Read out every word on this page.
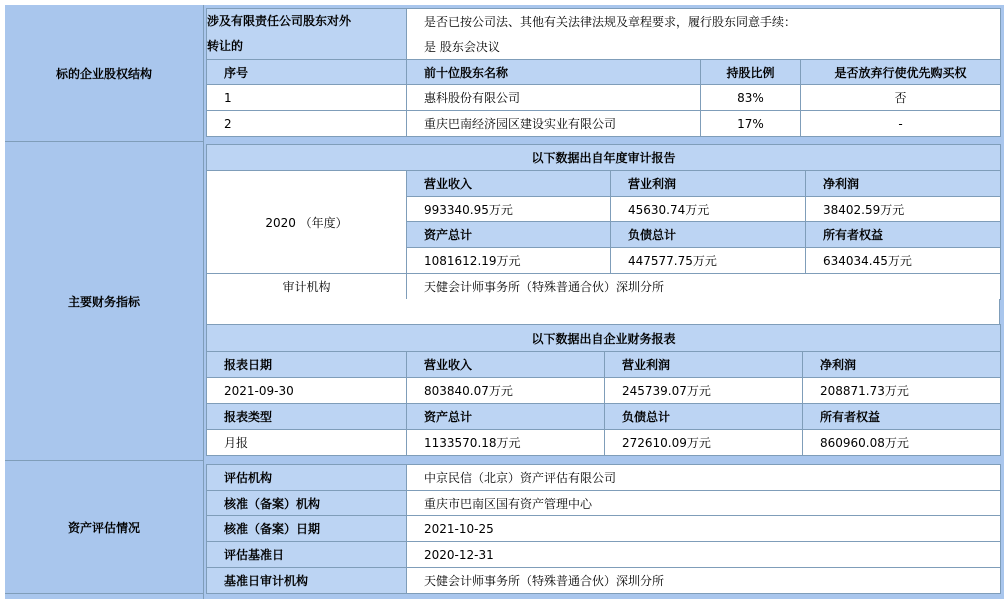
标的企业股权结构
涉及有限责任公司股东对外
转让的	是否已按公司法、其他有关法律法规及章程要求，履行股东同意手续：		
	是 股东会决议		
序号	前十位股东名称	持股比例	是否放弃行使优先购买权
1	惠科股份有限公司	83%	否
2	重庆巴南经济园区建设实业有限公司	17%	-
主要财务指标
以下数据出自年度审计报告			
2020 （年度）	营业收入	营业利润	净利润
	993340.95万元	45630.74万元	38402.59万元
	资产总计	负债总计	所有者权益
	1081612.19万元	447577.75万元	634034.45万元
审计机构	天健会计师事务所（特殊普通合伙）深圳分所		
以下数据出自企业财务报表			
报表日期	营业收入	营业利润	净利润
2021-09-30	803840.07万元	245739.07万元	208871.73万元
报表类型	资产总计	负债总计	所有者权益
月报	1133570.18万元	272610.09万元	860960.08万元
资产评估情况
评估机构	中京民信（北京）资产评估有限公司
核准（备案）机构	重庆市巴南区国有资产管理中心
核准（备案）日期	2021-10-25
评估基准日	2020-12-31
基准日审计机构	天健会计师事务所（特殊普通合伙）深圳分所
